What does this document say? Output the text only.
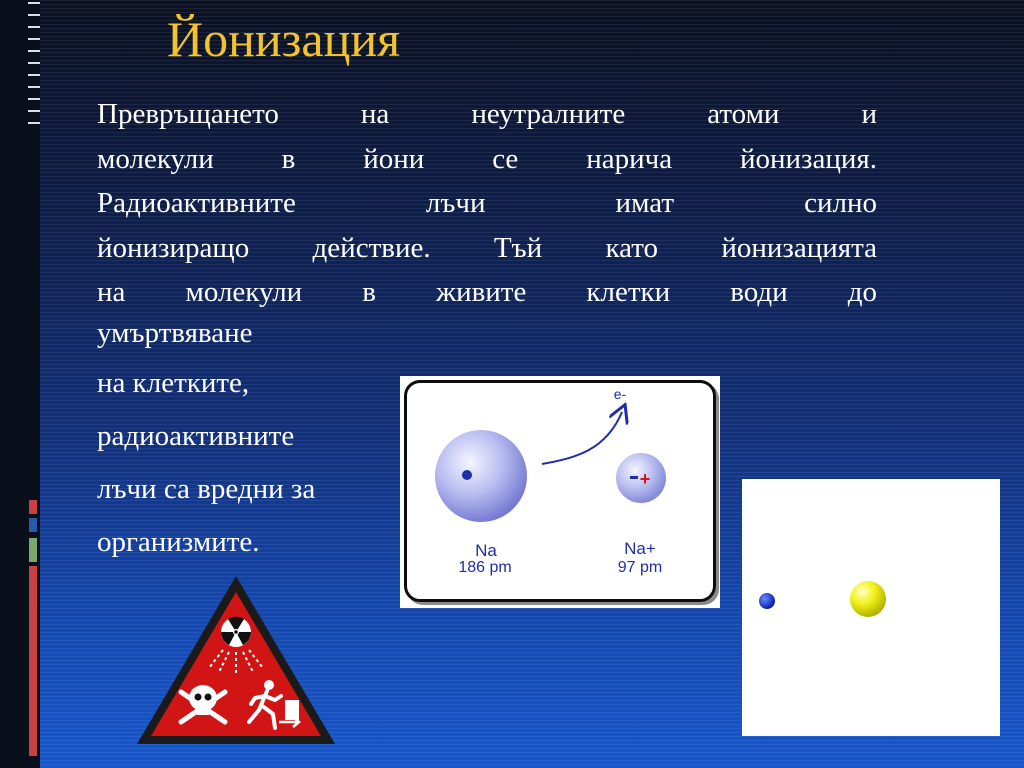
Йонизация

Превръщането на неутралните атоми и
молекули в йони се нарича йонизация.
Радиоактивните лъчи имат силно
йонизиращо действие. Тъй като йонизацията
на молекули в живите клетки води до
умъртвяване

на клетките,
радиоактивните
лъчи са вредни за
организмите.

+
e-
Na
186 pm
Na+
97 pm
